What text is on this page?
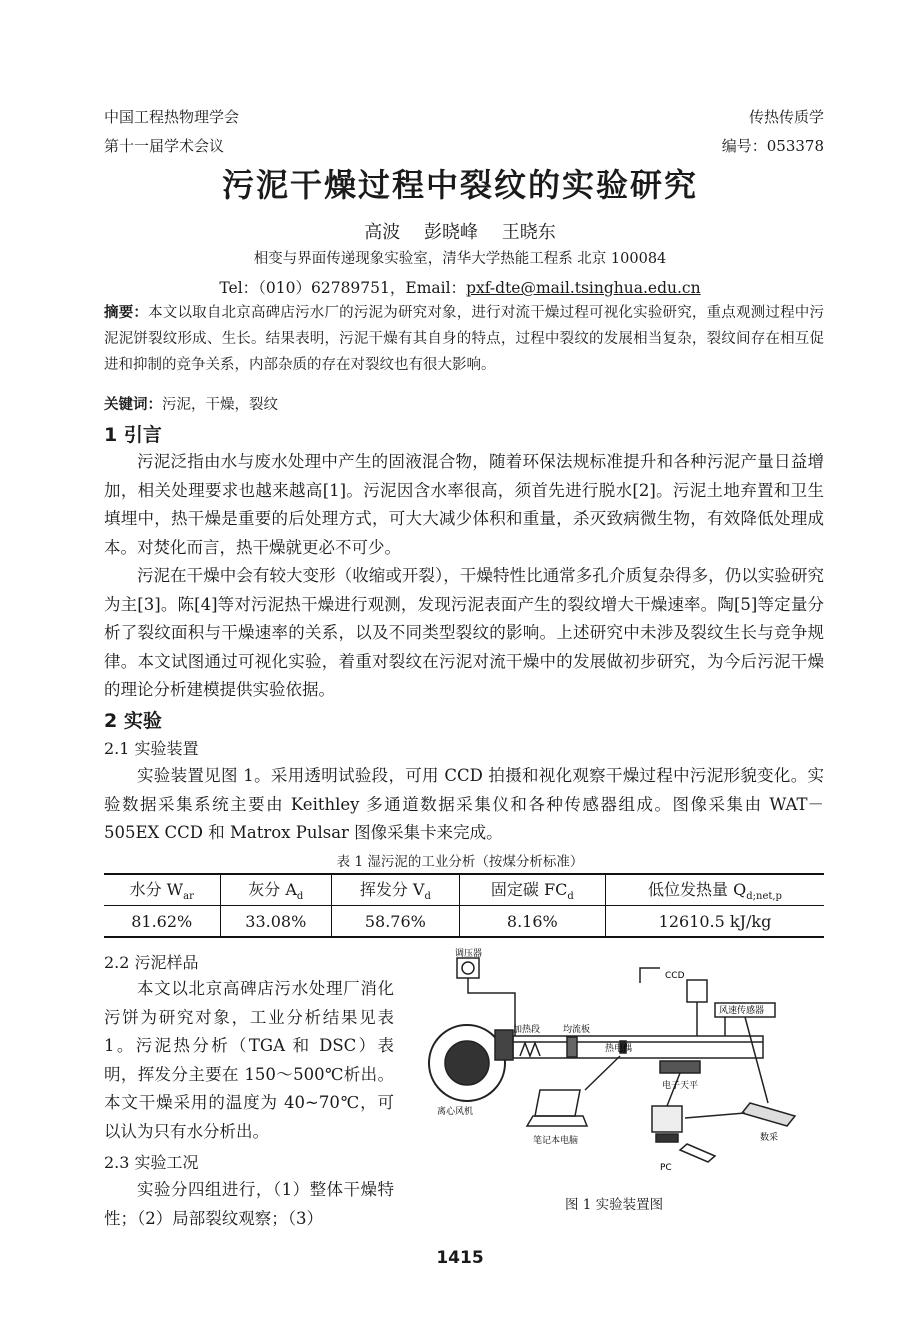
中国工程热物理学会
第十一届学术会议
传热传质学
编号：053378
污泥干燥过程中裂纹的实验研究
高波 彭晓峰 王晓东
相变与界面传递现象实验室，清华大学热能工程系 北京 100084
Tel：（010）62789751，Email：pxf-dte@mail.tsinghua.edu.cn
摘要：本文以取自北京高碑店污水厂的污泥为研究对象，进行对流干燥过程可视化实验研究，重点观测过程中污泥泥饼裂纹形成、生长。结果表明，污泥干燥有其自身的特点，过程中裂纹的发展相当复杂，裂纹间存在相互促进和抑制的竞争关系，内部杂质的存在对裂纹也有很大影响。
关键词：污泥，干燥，裂纹
1 引言
污泥泛指由水与废水处理中产生的固液混合物，随着环保法规标准提升和各种污泥产量日益增加，相关处理要求也越来越高[1]。污泥因含水率很高，须首先进行脱水[2]。污泥土地弃置和卫生填埋中，热干燥是重要的后处理方式，可大大减少体积和重量，杀灭致病微生物，有效降低处理成本。对焚化而言，热干燥就更必不可少。
污泥在干燥中会有较大变形（收缩或开裂），干燥特性比通常多孔介质复杂得多，仍以实验研究为主[3]。陈[4]等对污泥热干燥进行观测，发现污泥表面产生的裂纹增大干燥速率。陶[5]等定量分析了裂纹面积与干燥速率的关系，以及不同类型裂纹的影响。上述研究中未涉及裂纹生长与竞争规律。本文试图通过可视化实验，着重对裂纹在污泥对流干燥中的发展做初步研究，为今后污泥干燥的理论分析建模提供实验依据。
2 实验
2.1 实验装置
实验装置见图 1。采用透明试验段，可用 CCD 拍摄和视化观察干燥过程中污泥形貌变化。实验数据采集系统主要由 Keithley 多通道数据采集仪和各种传感器组成。图像采集由 WAT－505EX CCD 和 Matrox Pulsar 图像采集卡来完成。
表 1 湿污泥的工业分析（按煤分析标准）
水分 $W_{ar}$	灰分 $A_d$	挥发分 $V_d$	固定碳 $FC_d$	低位发热量 $Q_{d;net,p}$
81.62%	33.08%	58.76%	8.16%	12610.5 kJ/kg
2.2 污泥样品
本文以北京高碑店污水处理厂消化污饼为研究对象，工业分析结果见表1。污泥热分析（TGA 和 DSC）表明，挥发分主要在 150～500℃析出。本文干燥采用的温度为 40~70℃，可以认为只有水分析出。
2.3 实验工况
实验分四组进行，（1）整体干燥特性；（2）局部裂纹观察；（3）
调压器
CCD
加热段	均流板
热电偶
风速传感器
电子天平
离心风机
笔记本电脑
PC
数采
图 1 实验装置图
1415
